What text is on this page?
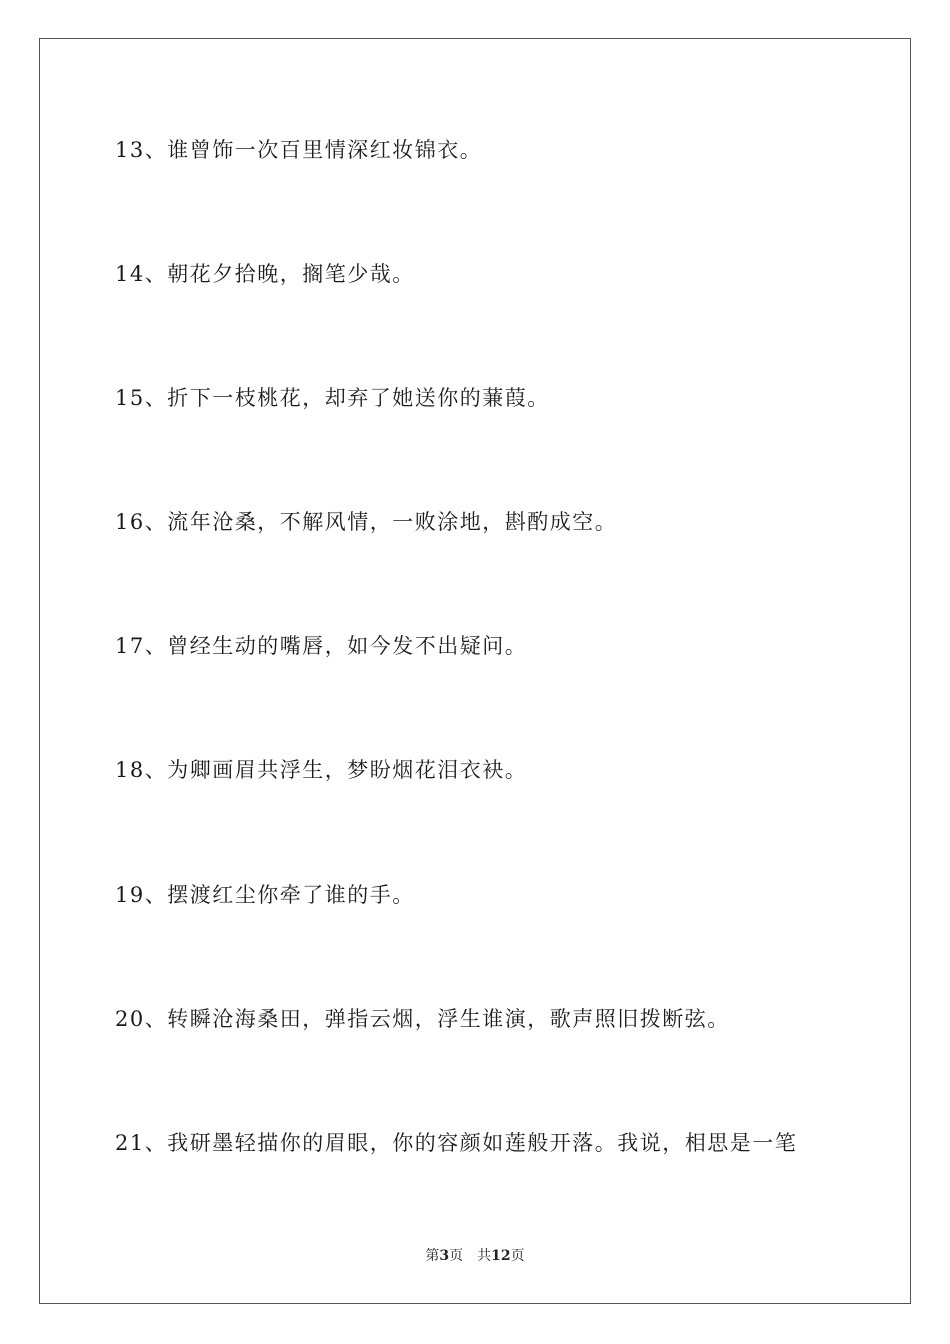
13、谁曾饰一次百里情深红妆锦衣。
14、朝花夕拾晚，搁笔少哉。
15、折下一枝桃花，却弃了她送你的蒹葭。
16、流年沧桑，不解风情，一败涂地，斟酌成空。
17、曾经生动的嘴唇，如今发不出疑问。
18、为卿画眉共浮生，梦盼烟花泪衣袂。
19、摆渡红尘你牵了谁的手。
20、转瞬沧海桑田，弹指云烟，浮生谁演，歌声照旧拨断弦。
21、我研墨轻描你的眉眼，你的容颜如莲般开落。我说，相思是一笔
第3页 共12页
